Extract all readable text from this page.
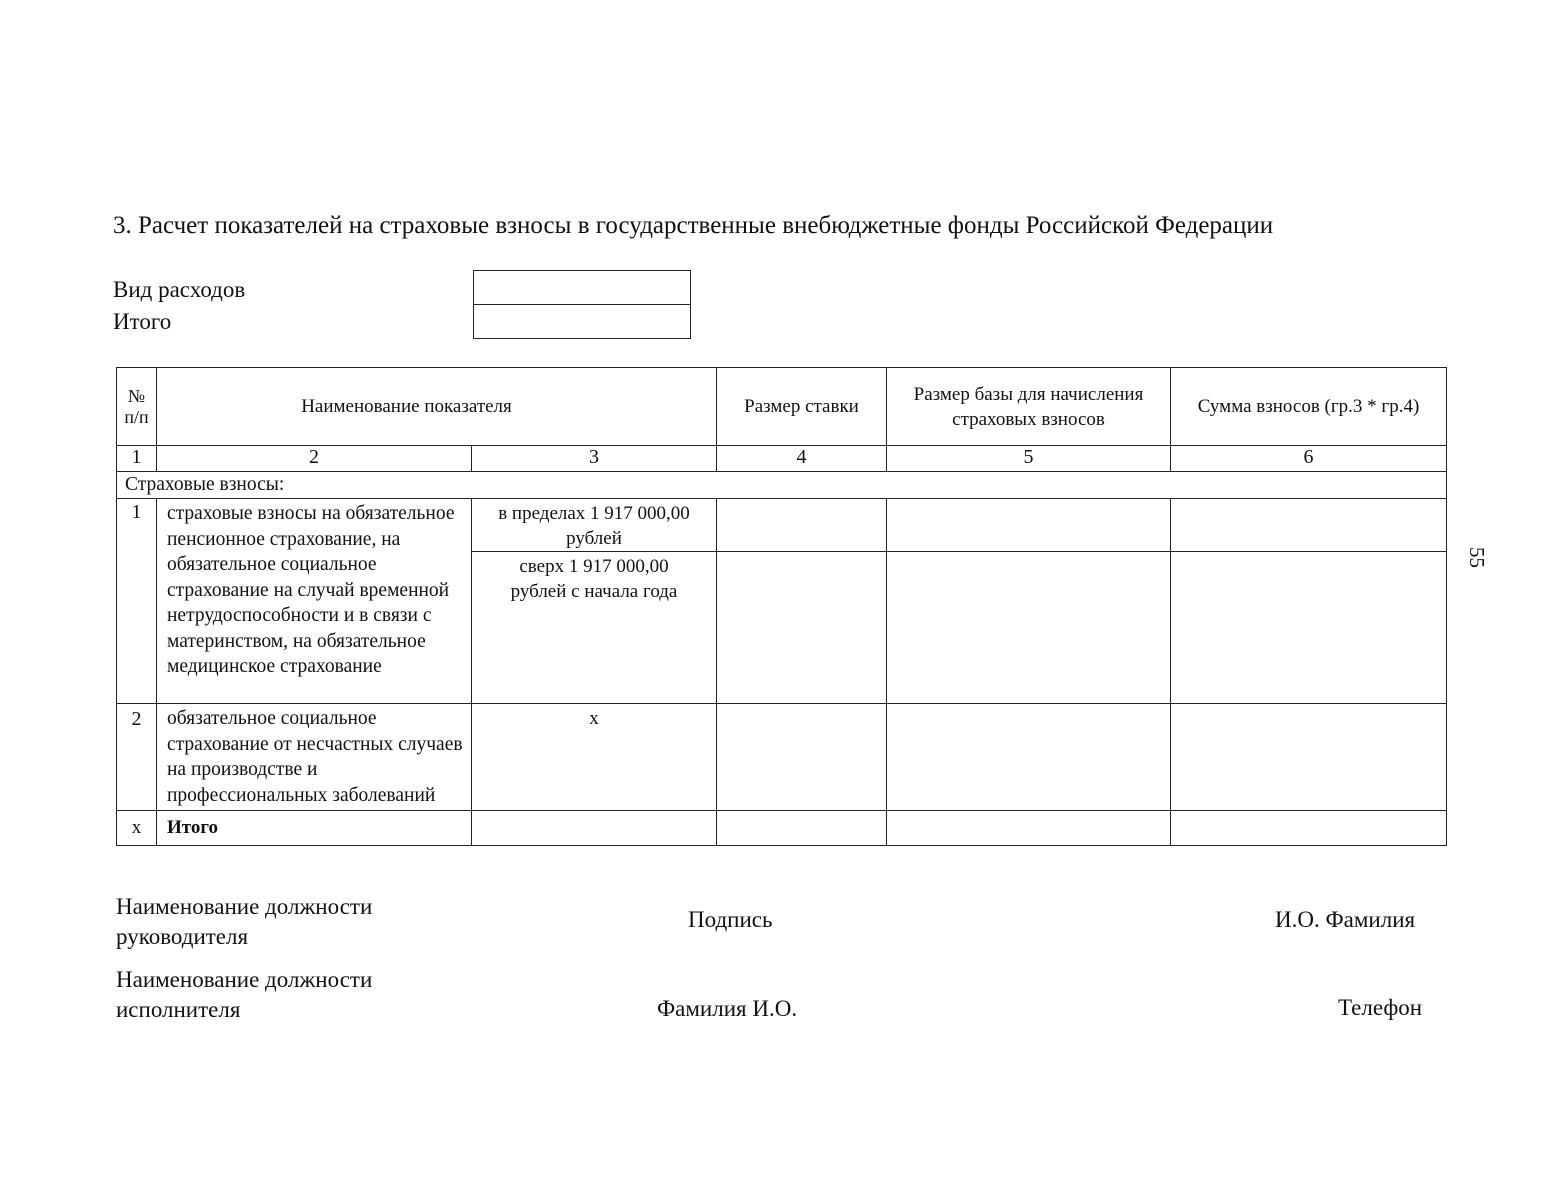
3. Расчет показателей на страховые взносы в государственные внебюджетные фонды Российской Федерации
Вид расходов
Итого
55
№ п/п	Наименование показателя		Размер ставки	Размер базы для начисления страховых взносов	Сумма взносов (гр.3 * гр.4)
1	2	3	4	5	6
Страховые взносы:					
1	страховые взносы на обязательное пенсионное страхование, на обязательное социальное страхование на случай временной нетрудоспособности и в связи с материнством, на обязательное медицинское страхование	в пределах 1 917 000,00 рублей			
		сверх 1 917 000,00 рублей с начала года			
2	обязательное социальное страхование от несчастных случаев на производстве и профессиональных заболеваний	х			
х	Итого				
Наименование должности руководителя
Подпись	И.О. Фамилия
Наименование должности исполнителя	Фамилия И.О.	Телефон
